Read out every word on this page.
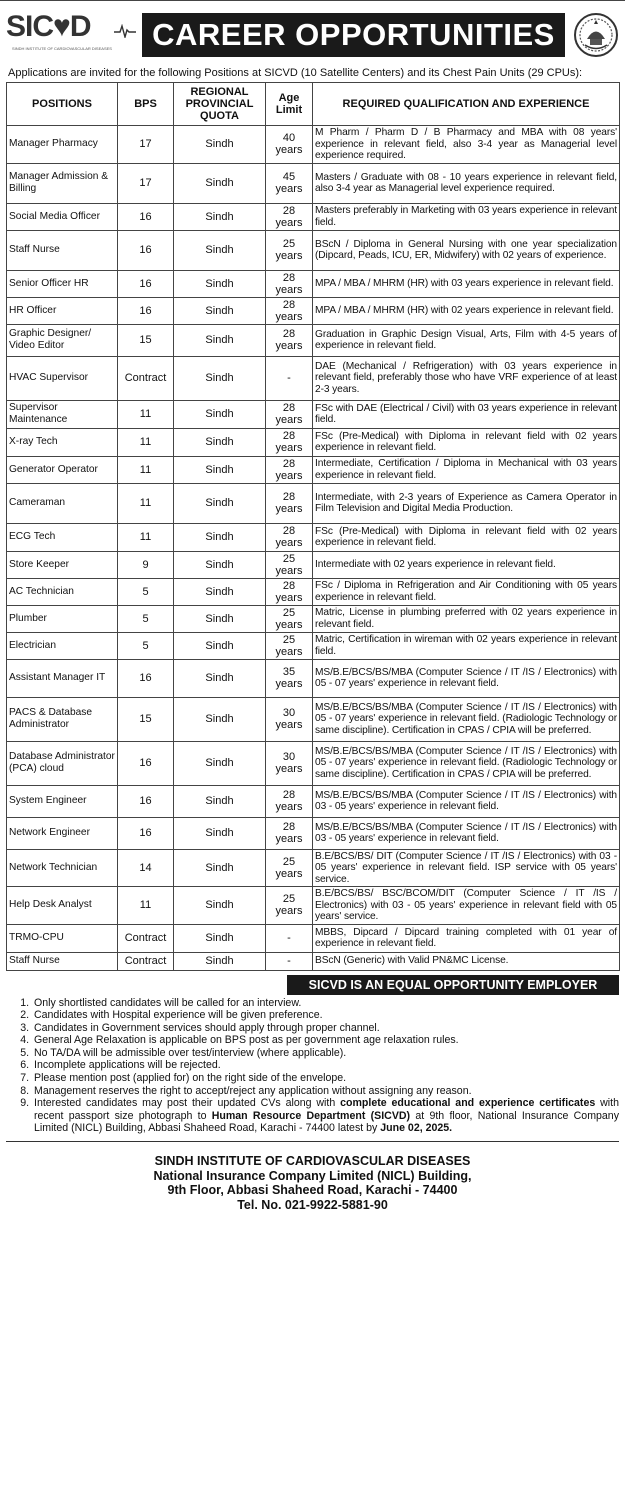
SIC♥D
SINDH INSTITUTE OF CARDIOVASCULAR DISEASES	CAREER OPPORTUNITIES
Applications are invited for the following Positions at SICVD (10 Satellite Centers) and its Chest Pain Units (29 CPUs):
POSITIONS	BPS	REGIONAL PROVINCIAL QUOTA	Age Limit	REQUIRED QUALIFICATION AND EXPERIENCE
Manager Pharmacy	17	Sindh	40 years	M Pharm / Pharm D / B Pharmacy and MBA with 08 years' experience in relevant field, also 3-4 year as Managerial level experience required.
Manager Admission & Billing	17	Sindh	45 years	Masters / Graduate with 08 - 10 years experience in relevant field, also 3-4 year as Managerial level experience required.
Social Media Officer	16	Sindh	28 years	Masters preferably in Marketing with 03 years experience in relevant field.
Staff Nurse	16	Sindh	25 years	BScN / Diploma in General Nursing with one year specialization (Dipcard, Peads, ICU, ER, Midwifery) with 02 years of experience.
Senior Officer HR	16	Sindh	28 years	MPA / MBA / MHRM (HR) with 03 years experience in relevant field.
HR Officer	16	Sindh	28 years	MPA / MBA / MHRM (HR) with 02 years experience in relevant field.
Graphic Designer/ Video Editor	15	Sindh	28 years	Graduation in Graphic Design Visual, Arts, Film with 4-5 years of experience in relevant field.
HVAC Supervisor	Contract	Sindh	-	DAE (Mechanical / Refrigeration) with 03 years experience in relevant field, preferably those who have VRF experience of at least 2-3 years.
Supervisor Maintenance	11	Sindh	28 years	FSc with DAE (Electrical / Civil) with 03 years experience in relevant field.
X-ray Tech	11	Sindh	28 years	FSc (Pre-Medical) with Diploma in relevant field with 02 years experience in relevant field.
Generator Operator	11	Sindh	28 years	Intermediate, Certification / Diploma in Mechanical with 03 years experience in relevant field.
Cameraman	11	Sindh	28 years	Intermediate, with 2-3 years of Experience as Camera Operator in Film Television and Digital Media Production.
ECG Tech	11	Sindh	28 years	FSc (Pre-Medical) with Diploma in relevant field with 02 years experience in relevant field.
Store Keeper	9	Sindh	25 years	Intermediate with 02 years experience in relevant field.
AC Technician	5	Sindh	28 years	FSc / Diploma in Refrigeration and Air Conditioning with 05 years experience in relevant field.
Plumber	5	Sindh	25 years	Matric, License in plumbing preferred with 02 years experience in relevant field.
Electrician	5	Sindh	25 years	Matric, Certification in wireman with 02 years experience in relevant field.
Assistant Manager IT	16	Sindh	35 years	MS/B.E/BCS/BS/MBA (Computer Science / IT /IS / Electronics) with 05 - 07 years' experience in relevant field.
PACS & Database Administrator	15	Sindh	30 years	MS/B.E/BCS/BS/MBA (Computer Science / IT /IS / Electronics) with 05 - 07 years' experience in relevant field. (Radiologic Technology or same discipline). Certification in CPAS / CPIA will be preferred.
Database Administrator (PCA) cloud	16	Sindh	30 years	MS/B.E/BCS/BS/MBA (Computer Science / IT /IS / Electronics) with 05 - 07 years' experience in relevant field. (Radiologic Technology or same discipline). Certification in CPAS / CPIA will be preferred.
System Engineer	16	Sindh	28 years	MS/B.E/BCS/BS/MBA (Computer Science / IT /IS / Electronics) with 03 - 05 years' experience in relevant field.
Network Engineer	16	Sindh	28 years	MS/B.E/BCS/BS/MBA (Computer Science / IT /IS / Electronics) with 03 - 05 years' experience in relevant field.
Network Technician	14	Sindh	25 years	B.E/BCS/BS/ DIT (Computer Science / IT /IS / Electronics) with 03 - 05 years' experience in relevant field. ISP service with 05 years' service.
Help Desk Analyst	11	Sindh	25 years	B.E/BCS/BS/ BSC/BCOM/DIT (Computer Science / IT /IS / Electronics) with 03 - 05 years' experience in relevant field with 05 years' service.
TRMO-CPU	Contract	Sindh	-	MBBS, Dipcard / Dipcard training completed with 01 year of experience in relevant field.
Staff Nurse	Contract	Sindh	-	BScN (Generic) with Valid PN&MC License.
SICVD IS AN EQUAL OPPORTUNITY EMPLOYER
1. Only shortlisted candidates will be called for an interview.
2. Candidates with Hospital experience will be given preference.
3. Candidates in Government services should apply through proper channel.
4. General Age Relaxation is applicable on BPS post as per government age relaxation rules.
5. No TA/DA will be admissible over test/interview (where applicable).
6. Incomplete applications will be rejected.
7. Please mention post (applied for) on the right side of the envelope.
8. Management reserves the right to accept/reject any application without assigning any reason.
9. Interested candidates may post their updated CVs along with complete educational and experience certificates with recent passport size photograph to Human Resource Department (SICVD) at 9th floor, National Insurance Company Limited (NICL) Building, Abbasi Shaheed Road, Karachi - 74400 latest by June 02, 2025.
SINDH INSTITUTE OF CARDIOVASCULAR DISEASES
National Insurance Company Limited (NICL) Building,
9th Floor, Abbasi Shaheed Road, Karachi - 74400
Tel. No. 021-9922-5881-90
